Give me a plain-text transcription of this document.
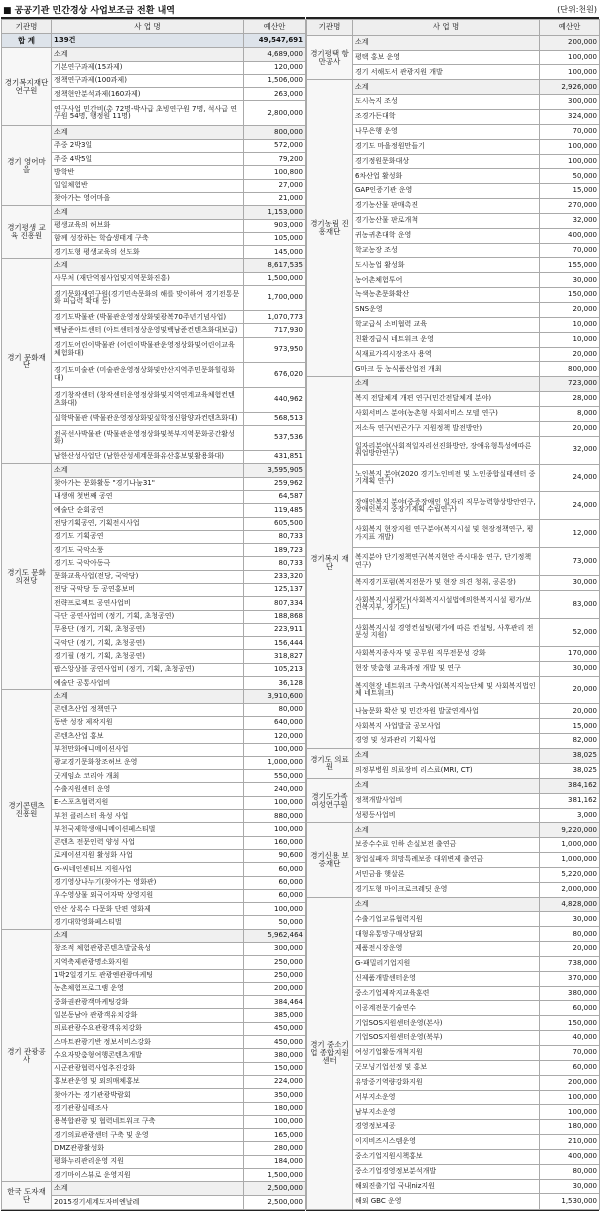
■ 공공기관 민간경상 사업보조금 전환 내역	(단위:천원)
기관명	사 업 명	예산안
합 계	139건	49,547,691
경기복지재단연구원	소계	4,689,000
	기본연구과제(15과제)	120,000
	정책연구과제(100과제)	1,506,000
	정책현안분석과제(160과제)	263,000
	연구사업 민간비(총 72명-박사급 초빙연구원 7명, 석사급 연구원 54명, 행정원 11명)	2,800,000
경기 영어마을	소계	800,000
	주중 2박3일	572,000
	주중 4박5일	79,200
	방학반	100,800
	일일체험반	27,000
	찾아가는 영어마을	21,000
경기평생 교육 진흥원	소계	1,153,000
	평생교육의 허브화	903,000
	함께 성장하는 학습생태계 구축	105,000
	경기도형 평생교육의 선도화	145,000
경기 문화재단	소계	8,617,535
	사무처 (재단역점사업및지역문화진흥)	1,500,000
	경기문화재연구원(경기민속문화의 해를 맞이하여 경기전통문화 피급력 확대 등)	1,700,000
	경기도박물관 (박물관운영정상화및광복70주년기념사업)	1,070,773
	백남준아트센터 (아트센터정상운영및백남준컨텐츠화대보급)	717,930
	경기도어린이박물관 (어린이박물관운영정상화및어린이교육체험화대)	973,950
	경기도미술관 (미술관운영정상화및안산지역주민문화힐링화대)	676,020
	경기창작센터 (창작센터운영정상화및지역연계교육체험컨텐츠화대)	440,962
	실학박물관 (박물관운영정상화및실학정신함양과컨텐츠화대)	568,513
	전곡선사박물관 (박물관운영정상화및북부지역문화공간활성화)	537,536
	남한산성사업단 (남한산성세계문화유산홍보및활용화대)	431,851
경기도 문화의전당	소계	3,595,905
	찾아가는 문화활동 "경기나눔31"	259,962
	내생애 첫번째 공연	64,587
	예술단 순회공연	119,485
	전당기획공연, 기획전시사업	605,500
	경기도 기획공연	80,733
	경기도 국악소풍	189,723
	경기도 국악아동극	80,733
	문화교육사업(전당, 국악당)	233,320
	전당 국악당 등 공연홍보비	125,137
	전략프로젝트 공연사업비	807,334
	극단 공연사업비 (정기, 기획, 초청공연)	188,868
	무용단 (정기, 기획, 초청공연)	223,911
	국악단 (정기, 기획, 초청공연)	156,444
	경기필 (정기, 기획, 초청공연)	318,827
	팝스앙상블 공연사업비 (정기, 기획, 초청공연)	105,213
	예술단 공통사업비	36,128
경기콘텐츠 진흥원	소계	3,910,600
	콘텐츠산업 정책연구	80,000
	동반 성장 제작지원	640,000
	콘텐츠산업 홍보	120,000
	부천만화애니메이션사업	100,000
	광교경기문화창조허브 운영	1,000,000
	굿게임쇼 코리아 개최	550,000
	수출지원센터 운영	240,000
	E-스포츠협력지원	100,000
	부천 클러스터 육성 사업	880,000
	부천국제학생애니메이션페스티벌	100,000
	콘텐츠 전문인력 양성 사업	160,000
	로케이션지원 활성화 사업	90,600
	G-씨네인센티브 지원사업	60,000
	경기영상나누기(찾아가는 영화관)	60,000
	우수영상물 외국어자막 상영지원	60,000
	안산 상록수 다문화 단편 영화제	100,000
	경기대학영화페스티벌	50,000
경기 관광공사	소계	5,962,464
	창조적 체험관광콘텐츠발굴육성	300,000
	지역축제관광명소화지원	250,000
	1박2일경기도 관광엔관광마케팅	250,000
	농촌체험프로그램 운영	200,000
	중화권관광객마케팅강화	384,464
	일본동남아 관광객유치강화	385,000
	의료관광수요관광객유치강화	450,000
	스마트관광기반 정보서비스강화	450,000
	수요자맞춤형여행콘텐츠개발	380,000
	시군관광협력사업추진강화	150,000
	홍보관운영 및 외의매체홍보	224,000
	찾아가는 경기관광박람회	350,000
	경기관광실태조사	180,000
	용복합관광 및 협력네트워크 구축	100,000
	경기의료관광센터 구축 및 운영	165,000
	DMZ관광활성화	280,000
	평화누리관리운영 지원	184,000
	경기마이스뷰로 운영지원	1,500,000
한국 도자재단	소계	2,500,000
	2015경기세계도자비엔날레	2,500,000
기관명	사 업 명	예산안
경기평택 항만공사	소계	200,000
	평택 홍보 운영	100,000
	경기 서해도서 관광지원 개발	100,000
경기농림 진흥재단	소계	2,926,000
	도시녹지 조성	300,000
	조경가든대학	324,000
	나무은행 운영	70,000
	경기도 마을정원만들기	100,000
	경기정원문화대상	100,000
	6차산업 활성화	50,000
	GAP인증기관 운영	15,000
	경기농산물 판매촉진	270,000
	경기농산물 판로개척	32,000
	귀농귀촌대학 운영	400,000
	학교농장 조성	70,000
	도시농업 활성화	155,000
	농어촌체험투어	30,000
	녹색농촌문화확산	150,000
	SNS운영	20,000
	학교급식 소비협력 교육	10,000
	친환경급식 네트워크 운영	10,000
	식재료가격시장조사 용역	20,000
	G마크 등 농식품산업전 개최	800,000
경기복지 재단	소계	723,000
	복지 전달체계 개편 연구(민간전달체계 분야)	28,000
	사회서비스 분야(농촌형 사회서비스 모델 연구)	8,000
	저소득 연구(빈곤가구 지원정책 발전방안)	20,000
	일자리분야(사회적일자리선진화방안, 장애유형특성에따른취업방안연구)	32,000
	노인복지 분야(2020 경기노인비전 및 노인종합실태센터 중기계획 연구)	24,000
	장애인복지 분야(중증장애인 일자리 직무능력향상방안연구, 장애인복지 중장기계획 수립연구)	24,000
	사회복지 현장지원 연구분야(복지시설 및 현장정책연구, 평가지표 개발)	12,000
	복지분야 단기정책연구(복지현안 즉시대응 연구, 단기정책연구)	73,000
	복지경기포럼(복지전문가 및 현장 의견 청취, 공론장)	30,000
	사회복지시설평가(사회복지시설법에의한복지시설 평가/보건복지부, 경기도)	83,000
	사회복지시설 경영컨설팅(평가에 따른 컨설팅, 사후관리 전문성 지원)	52,000
	사회복지종사자 및 공무원 직무전문성 강화	170,000
	현장 맞춤형 교육과정 개발 및 연구	30,000
	복지현장 네트워크 구축사업(복지직능단체 및 사회복지법인체 네트워크)	20,000
	나눔문화 확산 및 민간자원 발굴연계사업	20,000
	사회복지 사업발굴 공모사업	15,000
	경영 및 성과관리 기획사업	82,000
경기도 의료원	소계	38,025
	의정부병원 의료장비 리스료(MRI, CT)	38,025
경기도가족 여성연구원	소계	384,162
	정책개발사업비	381,162
	성평등사업비	3,000
경기신용 보증재단	소계	9,220,000
	보증수수료 인하 손실보전 출연금	1,000,000
	창업실패자 희망특례보증 대위변제 출연금	1,000,000
	서민금융 햇살론	5,220,000
	경기도형 마이크로크레딧 운영	2,000,000
경기 중소기업 종합지원 센터	소계	4,828,000
	수출기업교류협력지원	30,000
	대형유통망구매상담회	80,000
	제품전시장운영	20,000
	G-패밀리기업지원	738,000
	신제품개발센터운영	370,000
	중소기업제작지교육훈련	380,000
	이공계전문기술연수	60,000
	기업SOS지원센터운영(본사)	150,000
	기업SOS지원센터운영(북부)	40,000
	여성기업활동개척지원	70,000
	굿모닝기업선정 및 홍보	60,000
	유망중기역량강화지원	200,000
	서부지소운영	100,000
	남부지소운영	100,000
	경영정보제공	180,000
	이지비즈시스템운영	210,000
	중소기업지원시책홍보	400,000
	중소기업경영정보분석개발	80,000
	해외진출기업 국내niz지원	30,000
	해외 GBC 운영	1,530,000
